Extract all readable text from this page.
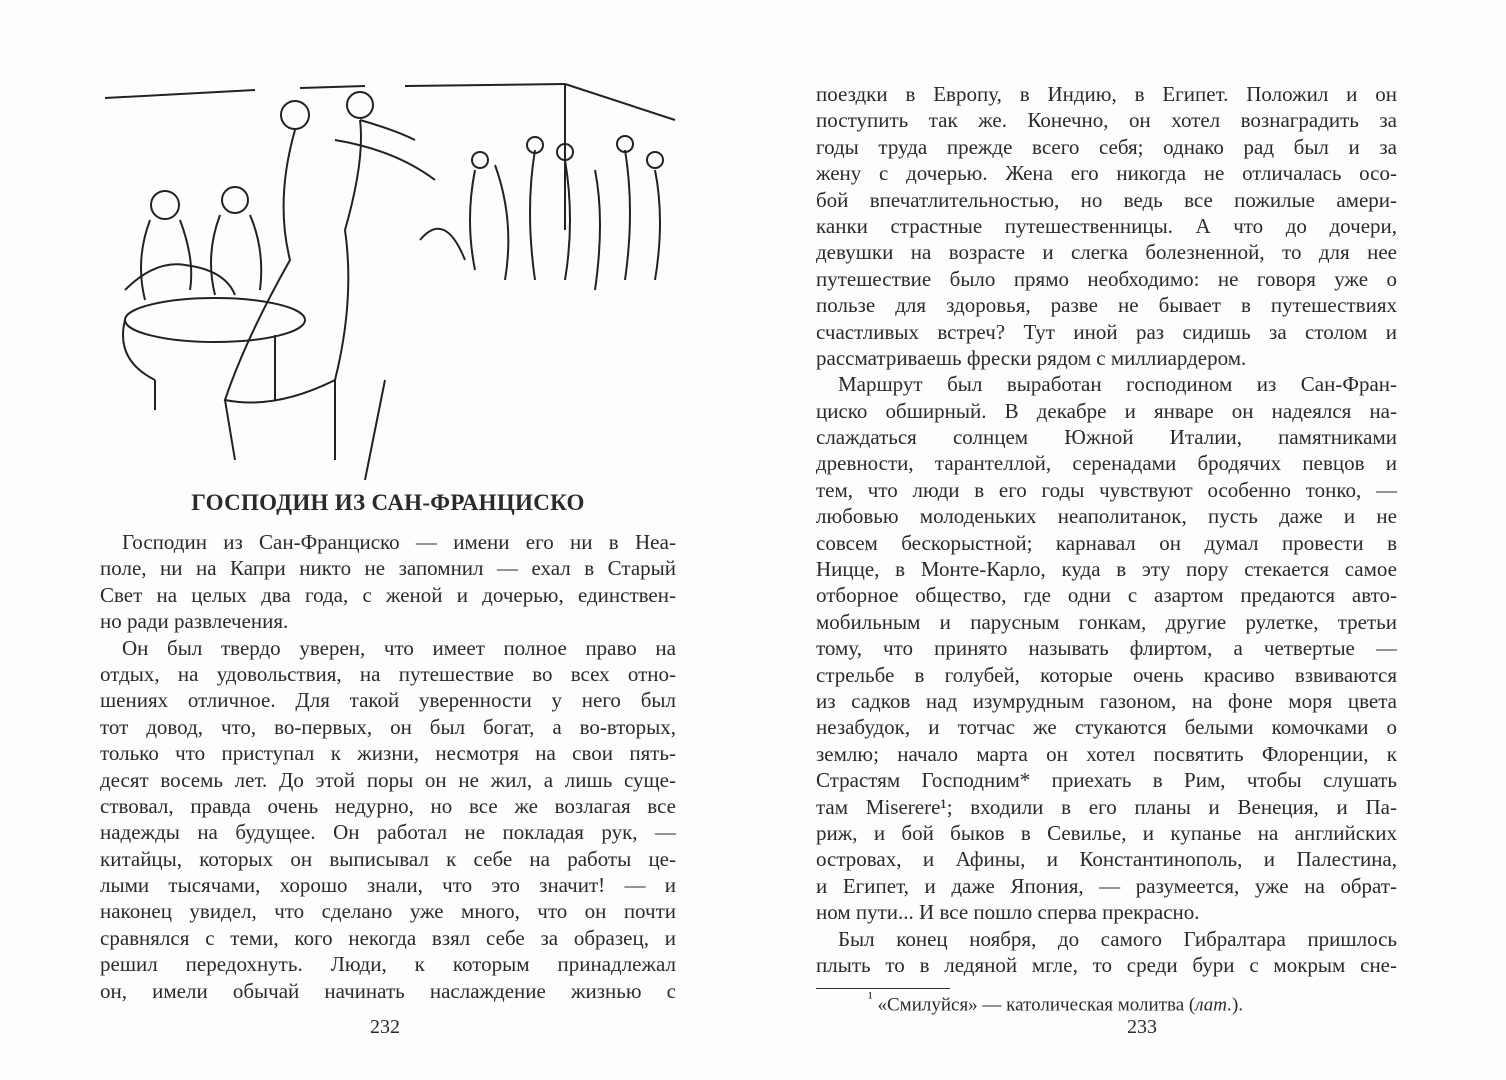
ГОСПОДИН ИЗ САН-ФРАНЦИСКО
Господин из Сан-Франциско — имени его ни в Неа-
поле, ни на Капри никто не запомнил — ехал в Старый
Свет на целых два года, с женой и дочерью, единствен-
но ради развлечения.
Он был твердо уверен, что имеет полное право на
отдых, на удовольствия, на путешествие во всех отно-
шениях отличное. Для такой уверенности у него был
тот довод, что, во-первых, он был богат, а во-вторых,
только что приступал к жизни, несмотря на свои пять-
десят восемь лет. До этой поры он не жил, а лишь суще-
ствовал, правда очень недурно, но все же возлагая все
надежды на будущее. Он работал не покладая рук, —
китайцы, которых он выписывал к себе на работы це-
лыми тысячами, хорошо знали, что это значит! — и
наконец увидел, что сделано уже много, что он почти
сравнялся с теми, кого некогда взял себе за образец, и
решил передохнуть. Люди, к которым принадлежал
он, имели обычай начинать наслаждение жизнью с
232
поездки в Европу, в Индию, в Египет. Положил и он
поступить так же. Конечно, он хотел вознаградить за
годы труда прежде всего себя; однако рад был и за
жену с дочерью. Жена его никогда не отличалась осо-
бой впечатлительностью, но ведь все пожилые амери-
канки страстные путешественницы. А что до дочери,
девушки на возрасте и слегка болезненной, то для нее
путешествие было прямо необходимо: не говоря уже о
пользе для здоровья, разве не бывает в путешествиях
счастливых встреч? Тут иной раз сидишь за столом и
рассматриваешь фрески рядом с миллиардером.
Маршрут был выработан господином из Сан-Фран-
циско обширный. В декабре и январе он надеялся на-
слаждаться солнцем Южной Италии, памятниками
древности, тарантеллой, серенадами бродячих певцов и
тем, что люди в его годы чувствуют особенно тонко, —
любовью молоденьких неаполитанок, пусть даже и не
совсем бескорыстной; карнавал он думал провести в
Ницце, в Монте-Карло, куда в эту пору стекается самое
отборное общество, где одни с азартом предаются авто-
мобильным и парусным гонкам, другие рулетке, третьи
тому, что принято называть флиртом, а четвертые —
стрельбе в голубей, которые очень красиво взвиваются
из садков над изумрудным газоном, на фоне моря цвета
незабудок, и тотчас же стукаются белыми комочками о
землю; начало марта он хотел посвятить Флоренции, к
Страстям Господним* приехать в Рим, чтобы слушать
там Miserere¹; входили в его планы и Венеция, и Па-
риж, и бой быков в Севилье, и купанье на английских
островах, и Афины, и Константинополь, и Палестина,
и Египет, и даже Япония, — разумеется, уже на обрат-
ном пути... И все пошло сперва прекрасно.
Был конец ноября, до самого Гибралтара пришлось
плыть то в ледяной мгле, то среди бури с мокрым сне-
$^{^1}$ «Смилуйся» — католическая молитва (лат.).
233
